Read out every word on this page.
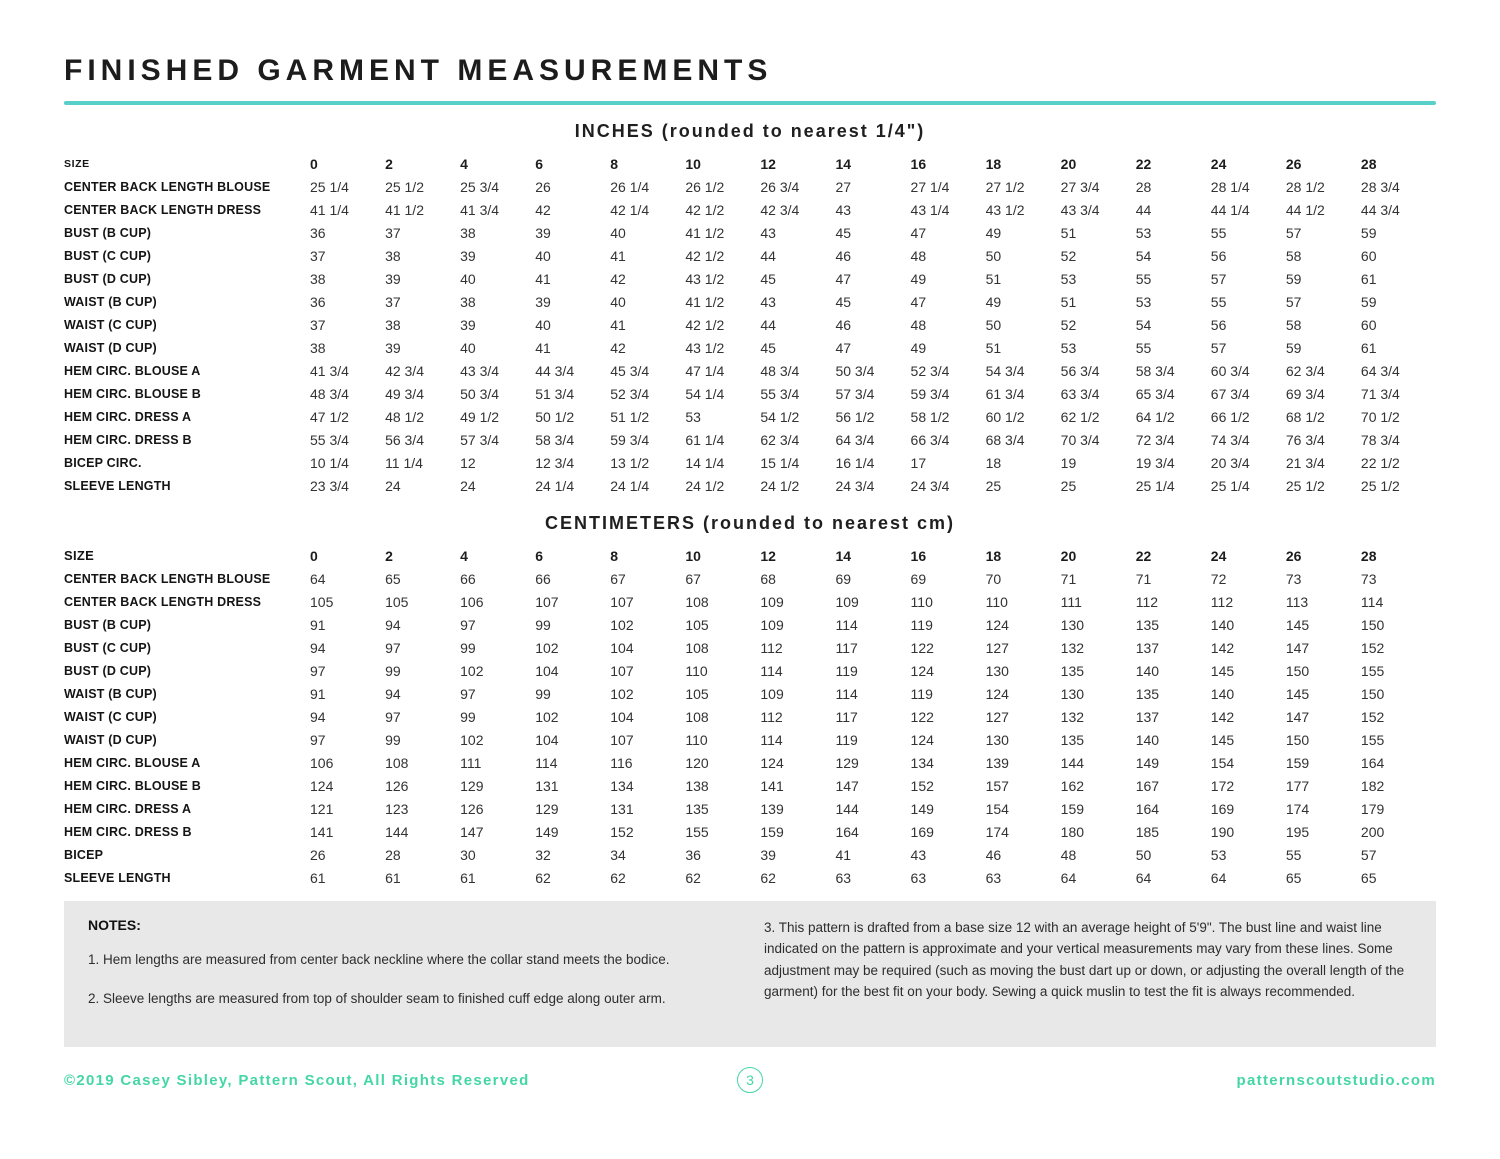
FINISHED GARMENT MEASUREMENTS
INCHES (rounded to nearest 1/4")
SIZE	0	2	4	6	8	10	12	14	16	18	20	22	24	26	28
CENTER BACK LENGTH BLOUSE	25 1/4	25 1/2	25 3/4	26	26 1/4	26 1/2	26 3/4	27	27 1/4	27 1/2	27 3/4	28	28 1/4	28 1/2	28 3/4
CENTER BACK LENGTH DRESS	41 1/4	41 1/2	41 3/4	42	42 1/4	42 1/2	42 3/4	43	43 1/4	43 1/2	43 3/4	44	44 1/4	44 1/2	44 3/4
BUST (B CUP)	36	37	38	39	40	41 1/2	43	45	47	49	51	53	55	57	59
BUST (C CUP)	37	38	39	40	41	42 1/2	44	46	48	50	52	54	56	58	60
BUST (D CUP)	38	39	40	41	42	43 1/2	45	47	49	51	53	55	57	59	61
WAIST (B CUP)	36	37	38	39	40	41 1/2	43	45	47	49	51	53	55	57	59
WAIST (C CUP)	37	38	39	40	41	42 1/2	44	46	48	50	52	54	56	58	60
WAIST (D CUP)	38	39	40	41	42	43 1/2	45	47	49	51	53	55	57	59	61
HEM CIRC. BLOUSE A	41 3/4	42 3/4	43 3/4	44 3/4	45 3/4	47 1/4	48 3/4	50 3/4	52 3/4	54 3/4	56 3/4	58 3/4	60 3/4	62 3/4	64 3/4
HEM CIRC. BLOUSE B	48 3/4	49 3/4	50 3/4	51 3/4	52 3/4	54 1/4	55 3/4	57 3/4	59 3/4	61 3/4	63 3/4	65 3/4	67 3/4	69 3/4	71 3/4
HEM CIRC. DRESS A	47 1/2	48 1/2	49 1/2	50 1/2	51 1/2	53	54 1/2	56 1/2	58 1/2	60 1/2	62 1/2	64 1/2	66 1/2	68 1/2	70 1/2
HEM CIRC. DRESS B	55 3/4	56 3/4	57 3/4	58 3/4	59 3/4	61 1/4	62 3/4	64 3/4	66 3/4	68 3/4	70 3/4	72 3/4	74 3/4	76 3/4	78 3/4
BICEP CIRC.	10 1/4	11 1/4	12	12 3/4	13 1/2	14 1/4	15 1/4	16 1/4	17	18	19	19 3/4	20 3/4	21 3/4	22 1/2
SLEEVE LENGTH	23 3/4	24	24	24 1/4	24 1/4	24 1/2	24 1/2	24 3/4	24 3/4	25	25	25 1/4	25 1/4	25 1/2	25 1/2
CENTIMETERS (rounded to nearest cm)
SIZE	0	2	4	6	8	10	12	14	16	18	20	22	24	26	28
CENTER BACK LENGTH BLOUSE	64	65	66	66	67	67	68	69	69	70	71	71	72	73	73
CENTER BACK LENGTH DRESS	105	105	106	107	107	108	109	109	110	110	111	112	112	113	114
BUST (B CUP)	91	94	97	99	102	105	109	114	119	124	130	135	140	145	150
BUST (C CUP)	94	97	99	102	104	108	112	117	122	127	132	137	142	147	152
BUST (D CUP)	97	99	102	104	107	110	114	119	124	130	135	140	145	150	155
WAIST (B CUP)	91	94	97	99	102	105	109	114	119	124	130	135	140	145	150
WAIST (C CUP)	94	97	99	102	104	108	112	117	122	127	132	137	142	147	152
WAIST (D CUP)	97	99	102	104	107	110	114	119	124	130	135	140	145	150	155
HEM CIRC. BLOUSE A	106	108	111	114	116	120	124	129	134	139	144	149	154	159	164
HEM CIRC. BLOUSE B	124	126	129	131	134	138	141	147	152	157	162	167	172	177	182
HEM CIRC. DRESS A	121	123	126	129	131	135	139	144	149	154	159	164	169	174	179
HEM CIRC. DRESS B	141	144	147	149	152	155	159	164	169	174	180	185	190	195	200
BICEP	26	28	30	32	34	36	39	41	43	46	48	50	53	55	57
SLEEVE LENGTH	61	61	61	62	62	62	62	63	63	63	64	64	64	65	65
NOTES:

1. Hem lengths are measured from center back neckline where the collar stand meets the bodice.

2. Sleeve lengths are measured from top of shoulder seam to finished cuff edge along outer arm.

3. This pattern is drafted from a base size 12 with an average height of 5'9". The bust line and waist line indicated on the pattern is approximate and your vertical measurements may vary from these lines. Some adjustment may be required (such as moving the bust dart up or down, or adjusting the overall length of the garment) for the best fit on your body. Sewing a quick muslin to test the fit is always recommended.

©2019 Casey Sibley, Pattern Scout, All Rights Reserved	3	patternscoutstudio.com
